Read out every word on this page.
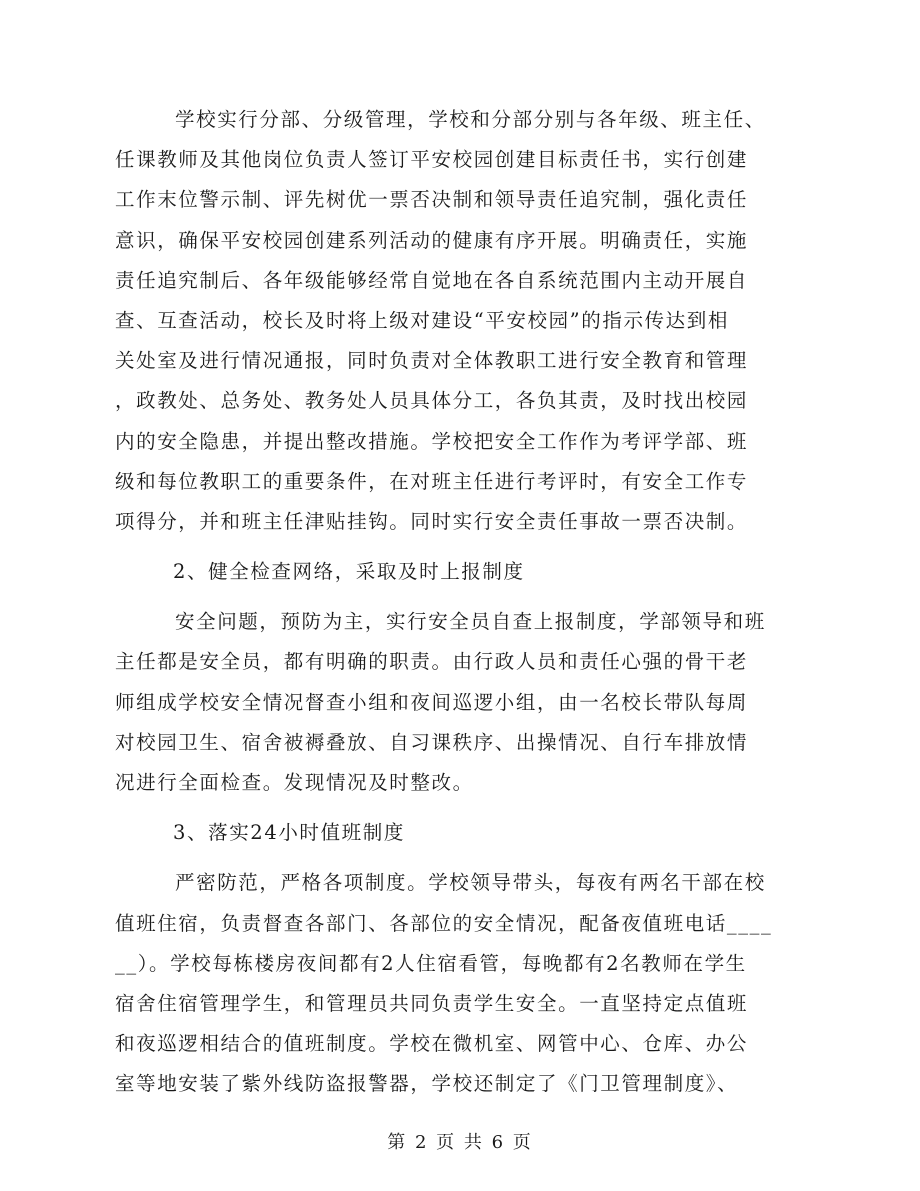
学校实行分部、分级管理，学校和分部分别与各年级、班主任、
任课教师及其他岗位负责人签订平安校园创建目标责任书，实行创建
工作末位警示制、评先树优一票否决制和领导责任追究制，强化责任
意识，确保平安校园创建系列活动的健康有序开展。明确责任，实施
责任追究制后、各年级能够经常自觉地在各自系统范围内主动开展自
查、互查活动，校长及时将上级对建设“平安校园”的指示传达到相
关处室及进行情况通报，同时负责对全体教职工进行安全教育和管理
，政教处、总务处、教务处人员具体分工，各负其责，及时找出校园
内的安全隐患，并提出整改措施。学校把安全工作作为考评学部、班
级和每位教职工的重要条件，在对班主任进行考评时，有安全工作专
项得分，并和班主任津贴挂钩。同时实行安全责任事故一票否决制。
2、健全检查网络，采取及时上报制度
安全问题，预防为主，实行安全员自查上报制度，学部领导和班
主任都是安全员，都有明确的职责。由行政人员和责任心强的骨干老
师组成学校安全情况督查小组和夜间巡逻小组，由一名校长带队每周
对校园卫生、宿舍被褥叠放、自习课秩序、出操情况、自行车排放情
况进行全面检查。发现情况及时整改。
3、落实24小时值班制度
严密防范，严格各项制度。学校领导带头，每夜有两名干部在校
值班住宿，负责督查各部门、各部位的安全情况，配备夜值班电话____
__）。学校每栋楼房夜间都有2人住宿看管，每晚都有2名教师在学生
宿舍住宿管理学生，和管理员共同负责学生安全。一直坚持定点值班
和夜巡逻相结合的值班制度。学校在微机室、网管中心、仓库、办公
室等地安装了紫外线防盗报警器，学校还制定了《门卫管理制度》、
第 2 页 共 6 页
